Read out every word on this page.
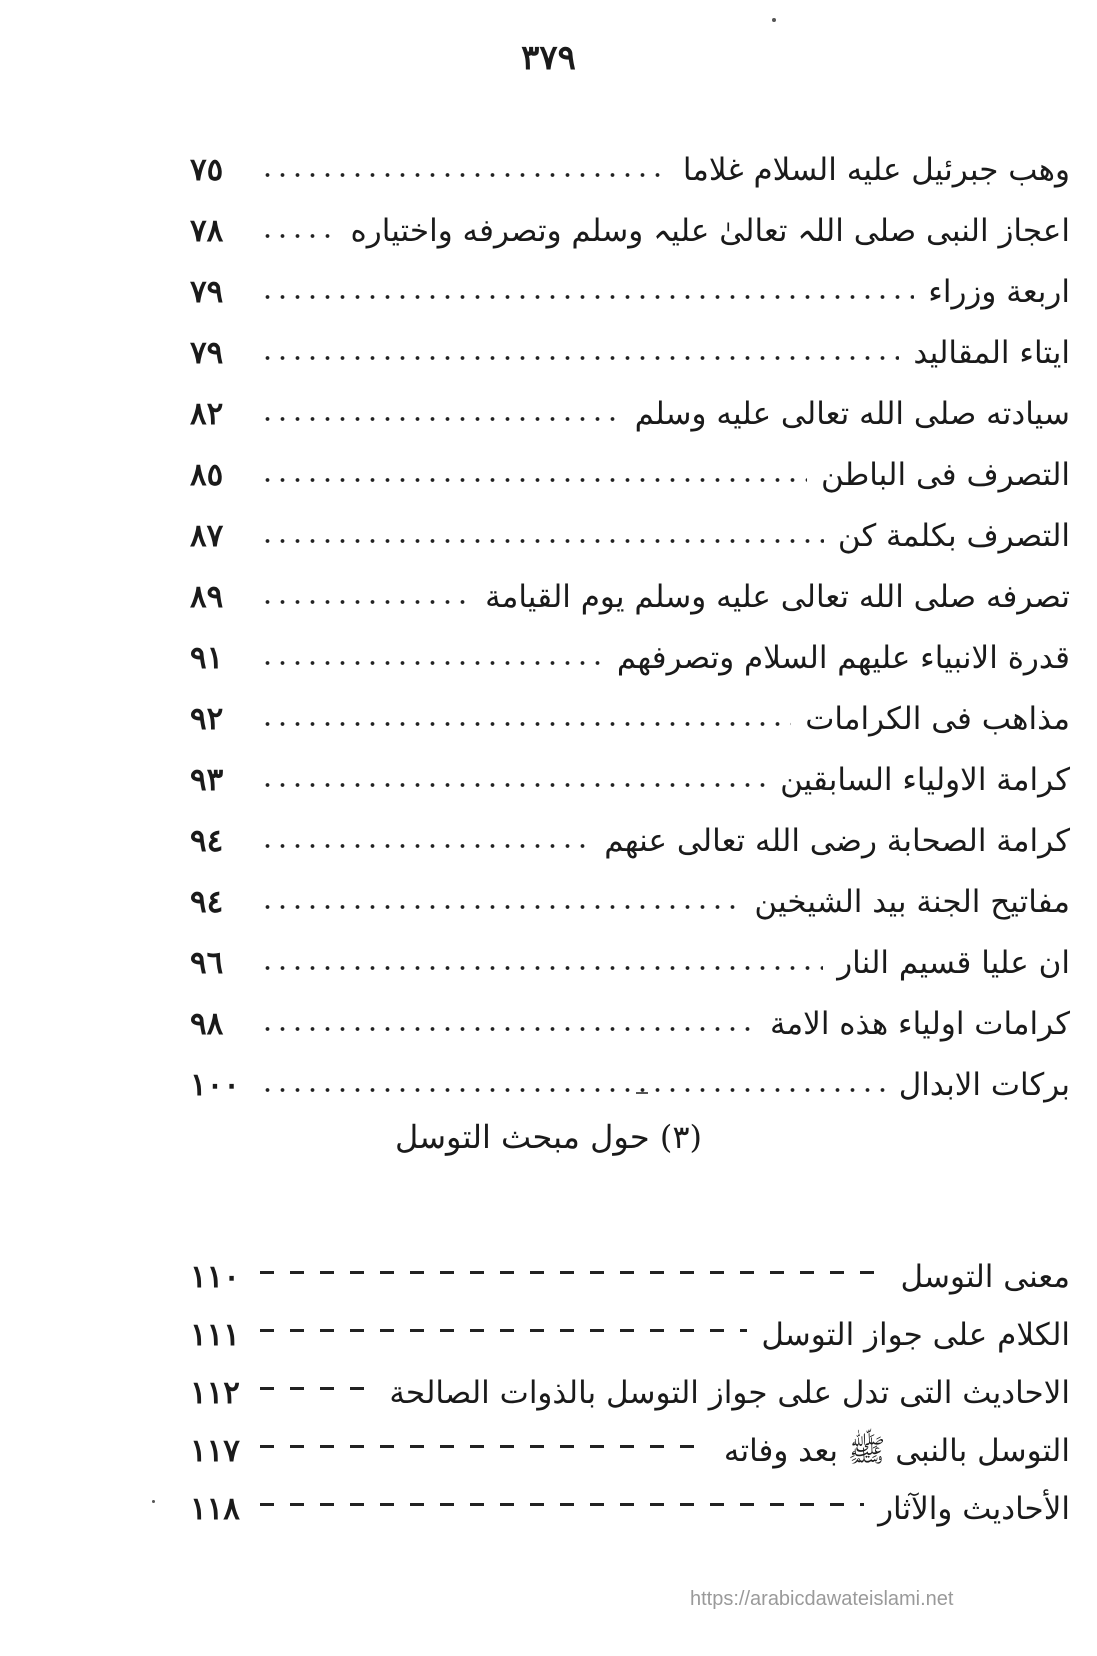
٣٧٩
وهب جبرئيل عليه السلام غلاما
٧٥
اعجاز النبی صلی اللہ تعالیٰ علیہ وسلم وتصرفه واختياره
٧٨
اربعة وزراء
٧٩
ايتاء المقاليد
٧٩
سيادته صلى الله تعالى عليه وسلم
٨٢
التصرف فى الباطن
٨٥
التصرف بكلمة كن
٨٧
تصرفه صلى الله تعالى عليه وسلم يوم القيامة
٨٩
قدرة الانبياء عليهم السلام وتصرفهم
٩١
مذاهب فى الكرامات
٩٢
كرامة الاولياء السابقين
٩٣
كرامة الصحابة رضى الله تعالى عنهم
٩٤
مفاتيح الجنة بيد الشيخين
٩٤
ان عليا قسيم النار
٩٦
كرامات اولياء هذه الامة
٩٨
بركات الابدال
١٠٠
(٣) حول مبحث التوسل
معنى التوسل
١١٠
الكلام على جواز التوسل
١١١
الاحاديث التى تدل على جواز التوسل بالذوات الصالحة
١١٢
التوسل بالنبى ﷺ بعد وفاته
١١٧
الأحاديث والآثار
١١٨
https://arabicdawateislami.net
